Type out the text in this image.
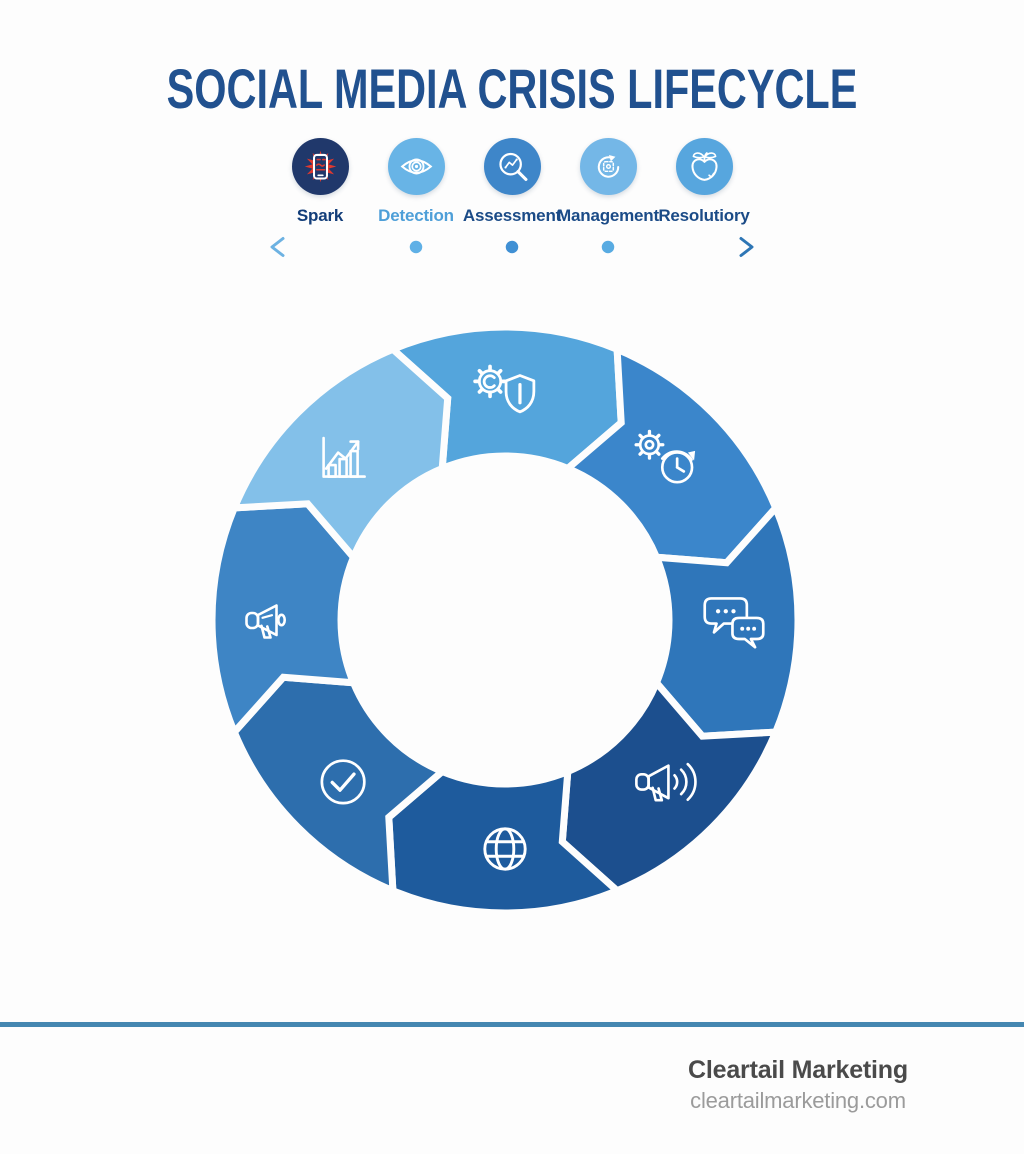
SOCIAL MEDIA CRISIS LIFECYCLE
Spark Detection Assessment
Management Resolutiory
Cleartail Marketing
cleartailmarketing.com
